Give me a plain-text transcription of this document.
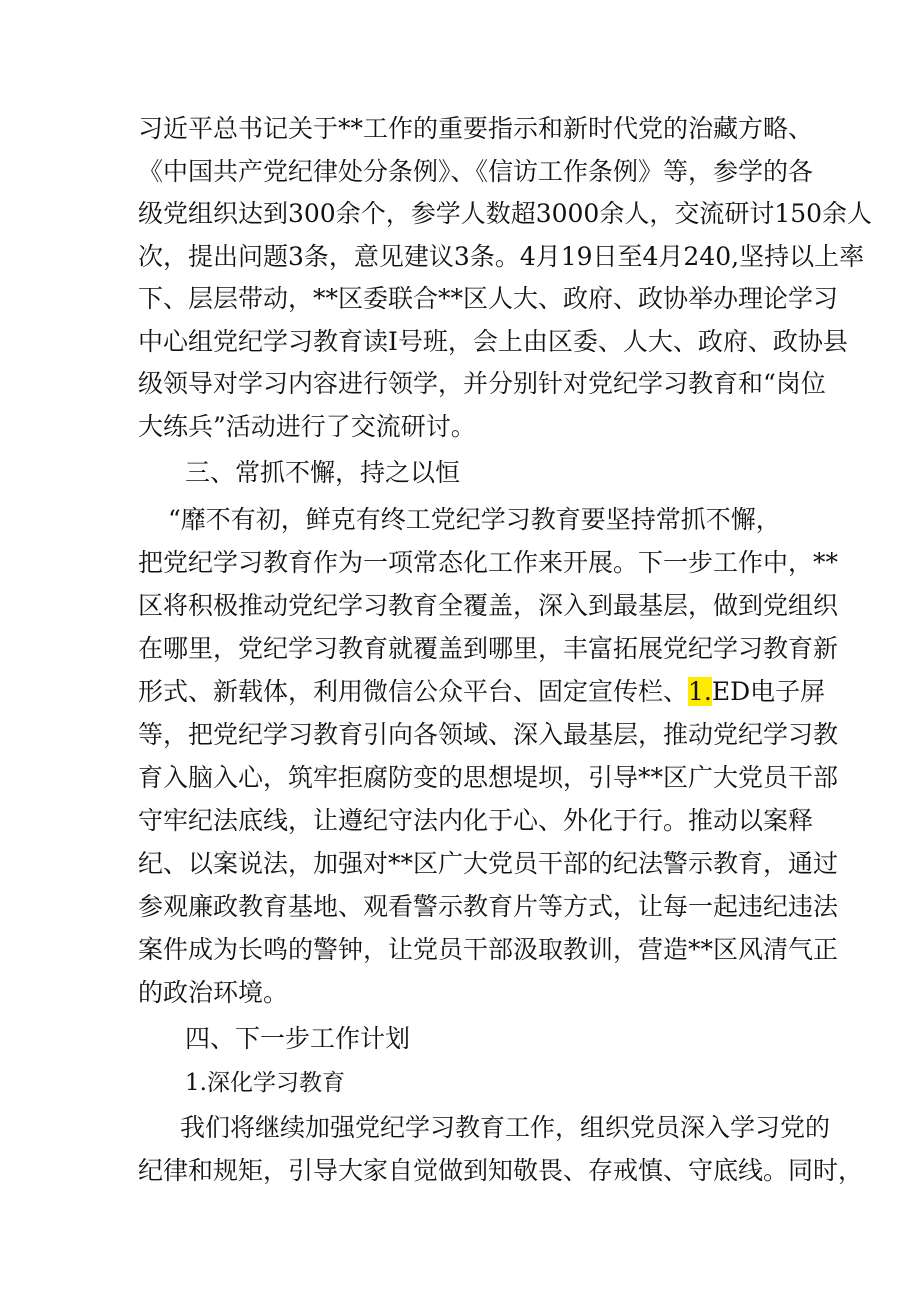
习近平总书记关于**工作的重要指示和新时代党的治藏方略、
《中国共产党纪律处分条例》、《信访工作条例》等，参学的各
级党组织达到300余个，参学人数超3000余人，交流研讨150余人
次，提出问题3条，意见建议3条。4月19日至4月240,坚持以上率
下、层层带动，**区委联合**区人大、政府、政协举办理论学习
中心组党纪学习教育读I号班，会上由区委、人大、政府、政协县
级领导对学习内容进行领学，并分别针对党纪学习教育和“岗位
大练兵”活动进行了交流研讨。
三、常抓不懈，持之以恒
“靡不有初，鲜克有终工党纪学习教育要坚持常抓不懈，
把党纪学习教育作为一项常态化工作来开展。下一步工作中，**
区将积极推动党纪学习教育全覆盖，深入到最基层，做到党组织
在哪里，党纪学习教育就覆盖到哪里，丰富拓展党纪学习教育新
形式、新载体，利用微信公众平台、固定宣传栏、1.ED电子屏
等，把党纪学习教育引向各领域、深入最基层，推动党纪学习教
育入脑入心，筑牢拒腐防变的思想堤坝，引导**区广大党员干部
守牢纪法底线，让遵纪守法内化于心、外化于行。推动以案释
纪、以案说法，加强对**区广大党员干部的纪法警示教育，通过
参观廉政教育基地、观看警示教育片等方式，让每一起违纪违法
案件成为长鸣的警钟，让党员干部汲取教训，营造**区风清气正
的政治环境。
四、下一步工作计划
1.深化学习教育
我们将继续加强党纪学习教育工作，组织党员深入学习党的
纪律和规矩，引导大家自觉做到知敬畏、存戒慎、守底线。同时，
